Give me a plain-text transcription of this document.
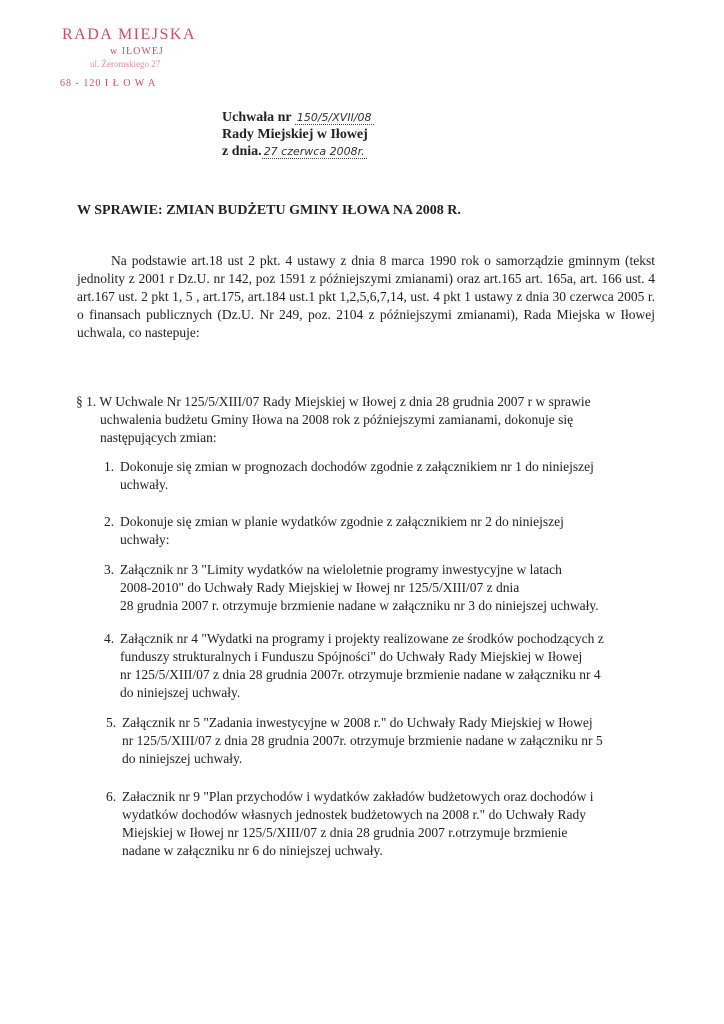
RADA MIEJSKA
w IŁOWEJ
ul. Żeromskiego 27
68 - 120 I Ł O W A
Uchwała nr 150/5/XVII/08
Rady Miejskiej w Iłowej
z dnia. 27 czerwca 2008r.
W SPRAWIE: ZMIAN BUDŻETU GMINY IŁOWA NA 2008 R.
Na podstawie art.18 ust 2 pkt. 4 ustawy z dnia 8 marca 1990 rok o samorządzie gminnym (tekst jednolity z 2001 r Dz.U. nr 142, poz 1591 z późniejszymi zmianami) oraz art.165 art. 165a, art. 166 ust. 4 art.167 ust. 2 pkt 1, 5 , art.175, art.184 ust.1 pkt 1,2,5,6,7,14, ust. 4 pkt 1 ustawy z dnia 30 czerwca 2005 r. o finansach publicznych (Dz.U. Nr 249, poz. 2104 z późniejszymi zmianami), Rada Miejska w Iłowej uchwala, co nastepuje:
§ 1. W Uchwale Nr 125/5/XIII/07 Rady Miejskiej w Iłowej z dnia 28 grudnia 2007 r w sprawie
uchwalenia budżetu Gminy Iłowa na 2008 rok z późniejszymi zamianami, dokonuje się
następujących zmian:
1. Dokonuje się zmian w prognozach dochodów zgodnie z załącznikiem nr 1 do niniejszej
uchwały.
2. Dokonuje się zmian w planie wydatków zgodnie z załącznikiem nr 2 do niniejszej
uchwały:
3. Załącznik nr 3 "Limity wydatków na wieloletnie programy inwestycyjne w latach
2008-2010" do Uchwały Rady Miejskiej w Iłowej nr 125/5/XIII/07 z dnia
28 grudnia 2007 r. otrzymuje brzmienie nadane w załączniku nr 3 do niniejszej uchwały.
4. Załącznik nr 4 "Wydatki na programy i projekty realizowane ze środków pochodzących z
funduszy strukturalnych i Funduszu Spójności" do Uchwały Rady Miejskiej w Iłowej
nr 125/5/XIII/07 z dnia 28 grudnia 2007r. otrzymuje brzmienie nadane w załączniku nr 4
do niniejszej uchwały.
5. Załącznik nr 5 "Zadania inwestycyjne w 2008 r." do Uchwały Rady Miejskiej w Iłowej
nr 125/5/XIII/07 z dnia 28 grudnia 2007r. otrzymuje brzmienie nadane w załączniku nr 5
do niniejszej uchwały.
6. Załacznik nr 9 "Plan przychodów i wydatków zakładów budżetowych oraz dochodów i
wydatków dochodów własnych jednostek budżetowych na 2008 r." do Uchwały Rady
Miejskiej w Iłowej nr 125/5/XIII/07 z dnia 28 grudnia 2007 r.otrzymuje brzmienie
nadane w załączniku nr 6 do niniejszej uchwały.
